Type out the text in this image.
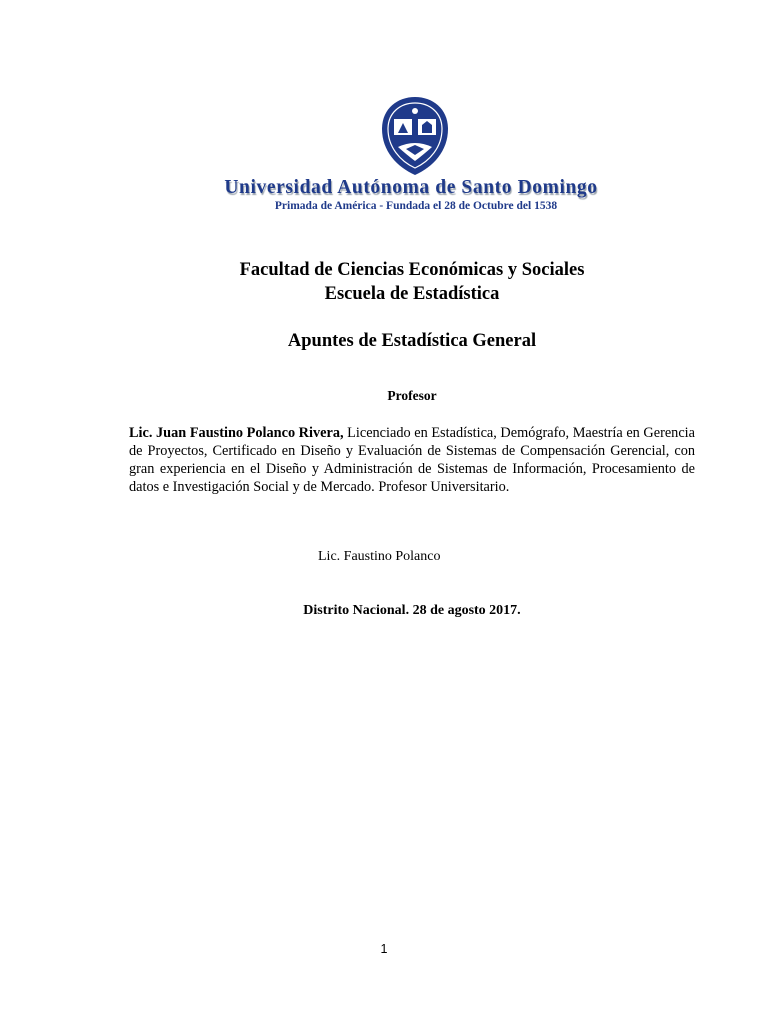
Universidad Autónoma de Santo Domingo
Primada de América - Fundada el 28 de Octubre del 1538
Facultad de Ciencias Económicas y Sociales
Escuela de Estadística
Apuntes de Estadística General
Profesor
Lic. Juan Faustino Polanco Rivera, Licenciado en Estadística, Demógrafo, Maestría en Gerencia de Proyectos, Certificado en Diseño y Evaluación de Sistemas de Compensación Gerencial, con gran experiencia en el Diseño y Administración de Sistemas de Información, Procesamiento de datos e Investigación Social y de Mercado. Profesor Universitario.
Lic. Faustino Polanco
Distrito Nacional. 28 de agosto 2017.
1
